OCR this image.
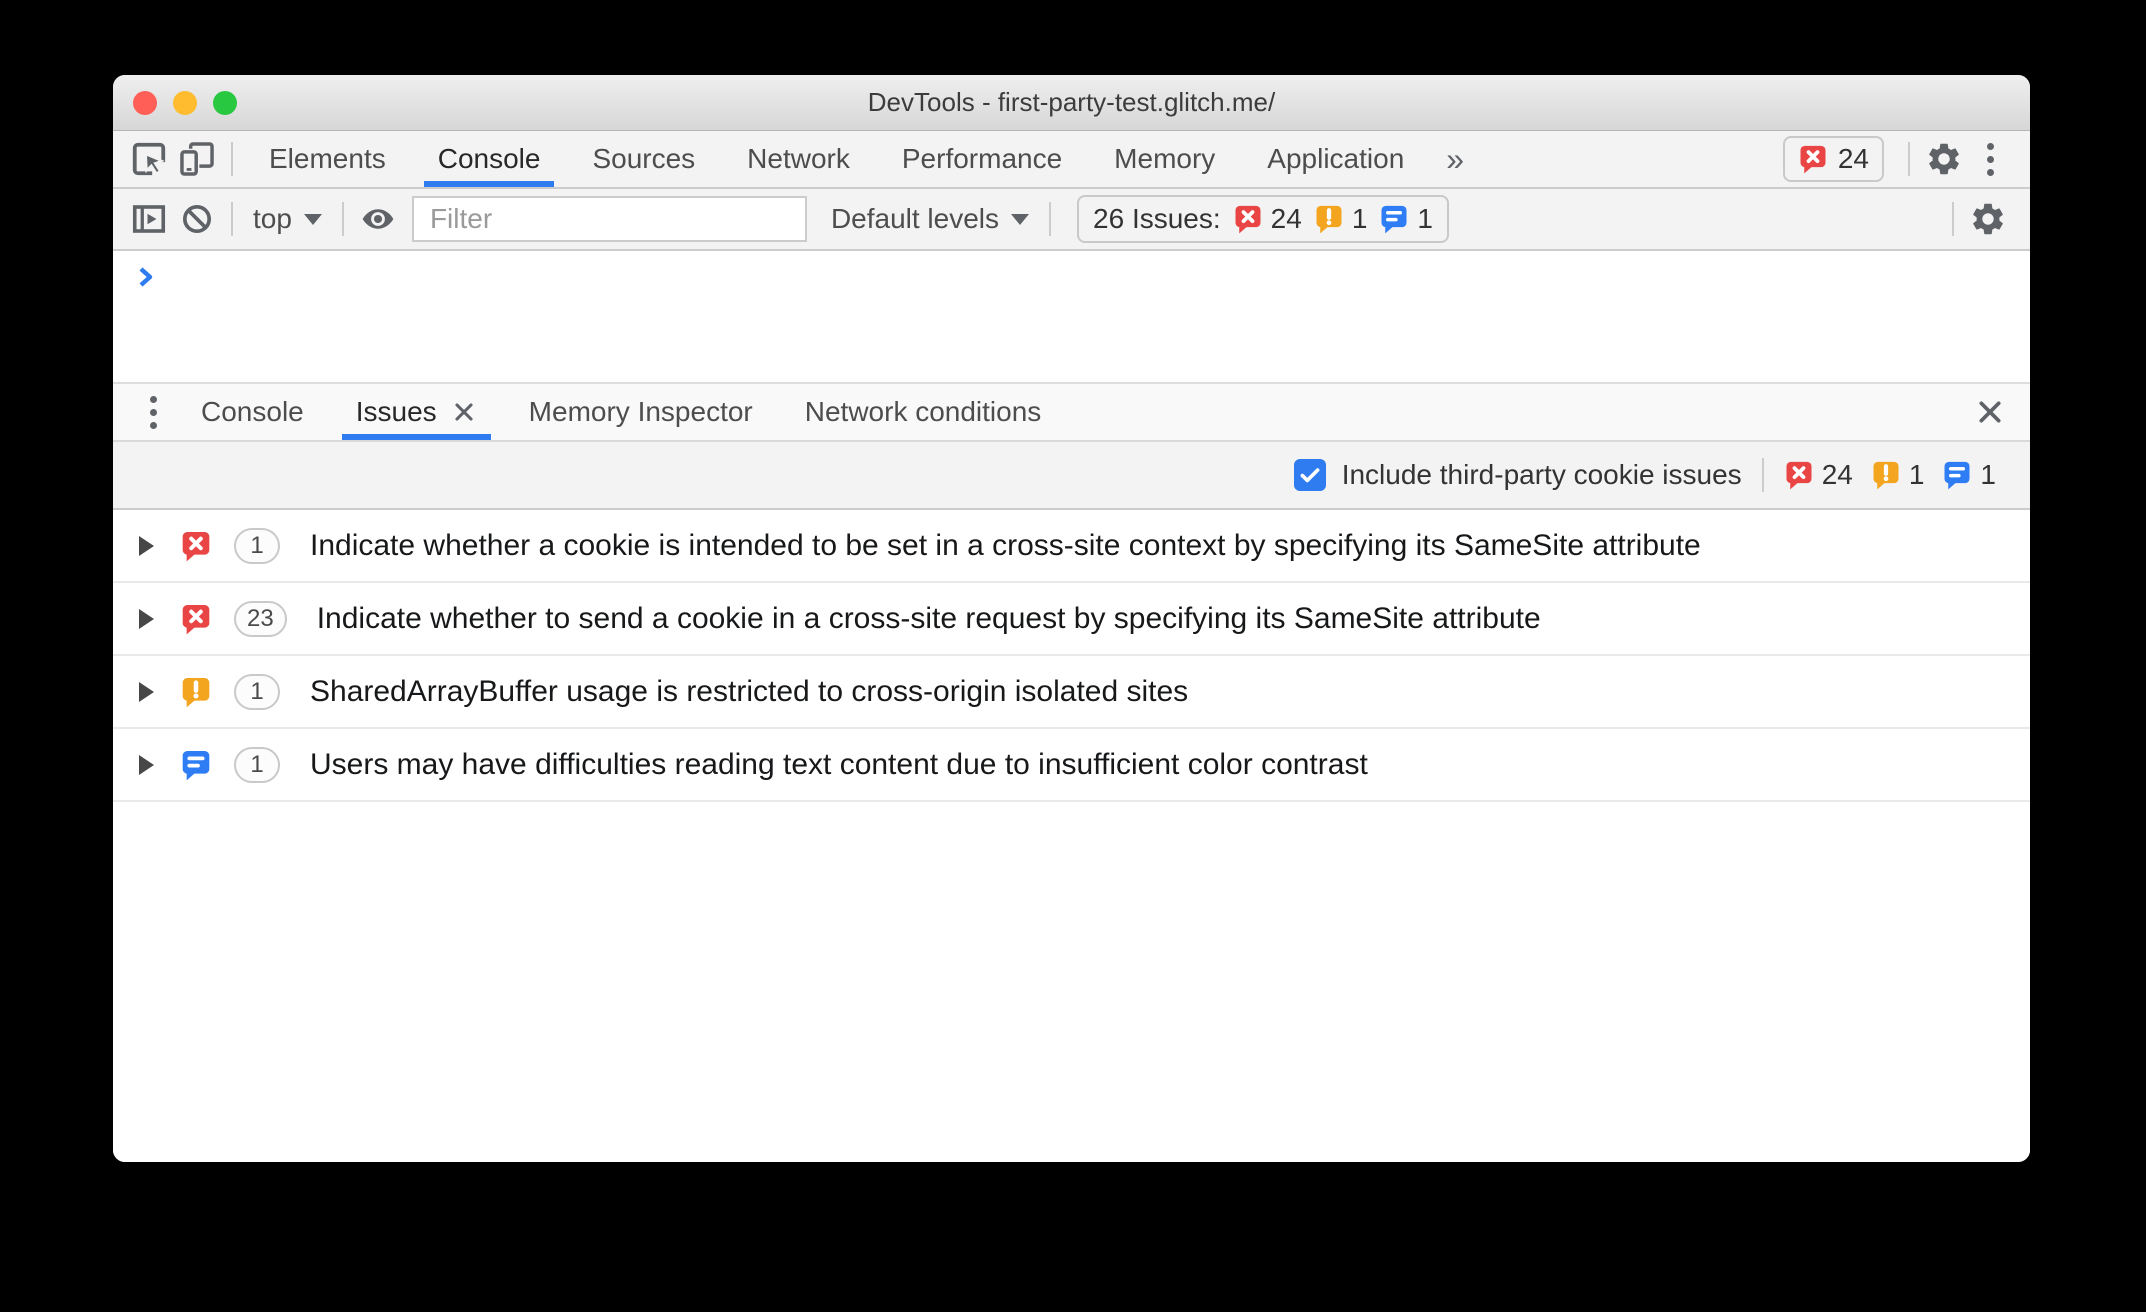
DevTools - first-party-test.glitch.me/
Elements Console Sources Network Performance Memory Application	»	24
top
Filter	Default levels	26 Issues: 24 1 1
Console Issues	Memory Inspector Network conditions
Include third-party cookie issues	24 1 1
1	Indicate whether a cookie is intended to be set in a cross-site context by specifying its SameSite attribute
23	Indicate whether to send a cookie in a cross-site request by specifying its SameSite attribute
1	SharedArrayBuffer usage is restricted to cross-origin isolated sites
1	Users may have difficulties reading text content due to insufficient color contrast
